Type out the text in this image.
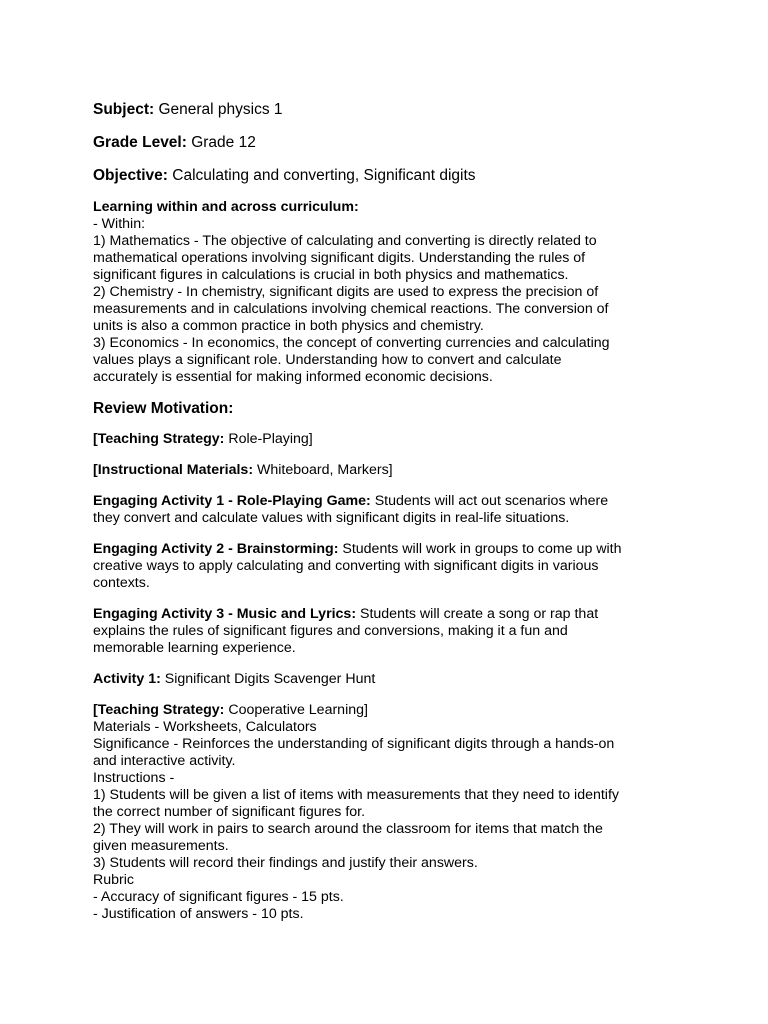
Subject: General physics 1

Grade Level: Grade 12

Objective: Calculating and converting, Significant digits

Learning within and across curriculum:
- Within:
1) Mathematics - The objective of calculating and converting is directly related to
mathematical operations involving significant digits. Understanding the rules of
significant figures in calculations is crucial in both physics and mathematics.
2) Chemistry - In chemistry, significant digits are used to express the precision of
measurements and in calculations involving chemical reactions. The conversion of
units is also a common practice in both physics and chemistry.
3) Economics - In economics, the concept of converting currencies and calculating
values plays a significant role. Understanding how to convert and calculate
accurately is essential for making informed economic decisions.

Review Motivation:

[Teaching Strategy: Role-Playing]

[Instructional Materials: Whiteboard, Markers]

Engaging Activity 1 - Role-Playing Game: Students will act out scenarios where
they convert and calculate values with significant digits in real-life situations.
Engaging Activity 2 - Brainstorming: Students will work in groups to come up with
creative ways to apply calculating and converting with significant digits in various
contexts.
Engaging Activity 3 - Music and Lyrics: Students will create a song or rap that
explains the rules of significant figures and conversions, making it a fun and
memorable learning experience.

Activity 1: Significant Digits Scavenger Hunt

[Teaching Strategy: Cooperative Learning]
Materials - Worksheets, Calculators
Significance - Reinforces the understanding of significant digits through a hands-on
and interactive activity.
Instructions -
1) Students will be given a list of items with measurements that they need to identify
the correct number of significant figures for.
2) They will work in pairs to search around the classroom for items that match the
given measurements.
3) Students will record their findings and justify their answers.
Rubric
- Accuracy of significant figures - 15 pts.
- Justification of answers - 10 pts.
